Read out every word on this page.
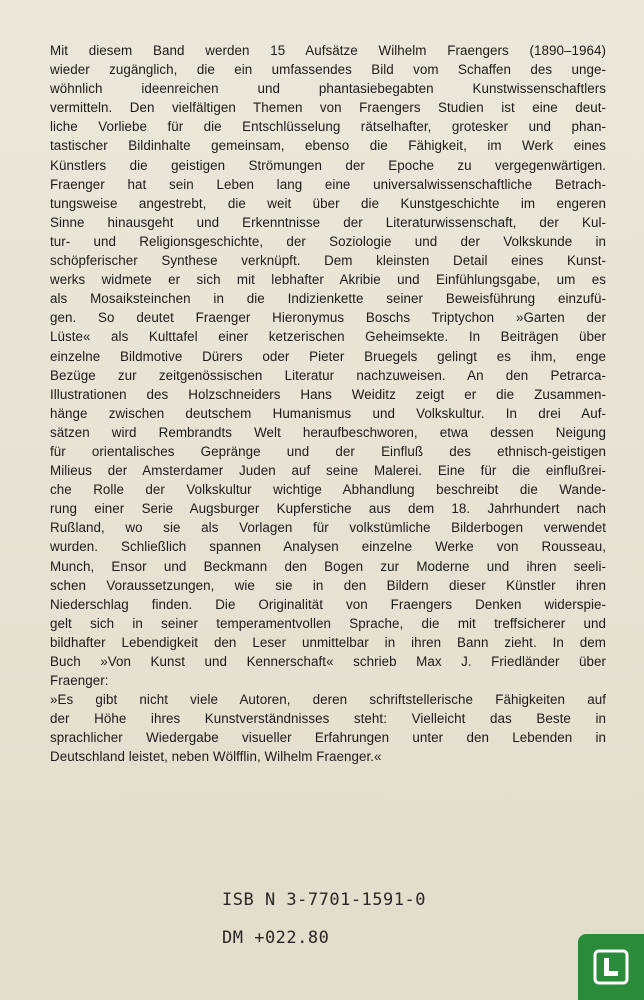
Mit diesem Band werden 15 Aufsätze Wilhelm Fraengers (1890–1964)
wieder zugänglich, die ein umfassendes Bild vom Schaffen des unge-
wöhnlich ideenreichen und phantasiebegabten Kunstwissenschaftlers
vermitteln. Den vielfältigen Themen von Fraengers Studien ist eine deut-
liche Vorliebe für die Entschlüsselung rätselhafter, grotesker und phan-
tastischer Bildinhalte gemeinsam, ebenso die Fähigkeit, im Werk eines
Künstlers die geistigen Strömungen der Epoche zu vergegenwärtigen.
Fraenger hat sein Leben lang eine universalwissenschaftliche Betrach-
tungsweise angestrebt, die weit über die Kunstgeschichte im engeren
Sinne hinausgeht und Erkenntnisse der Literaturwissenschaft, der Kul-
tur- und Religionsgeschichte, der Soziologie und der Volkskunde in
schöpferischer Synthese verknüpft. Dem kleinsten Detail eines Kunst-
werks widmete er sich mit lebhafter Akribie und Einfühlungsgabe, um es
als Mosaiksteinchen in die Indizienkette seiner Beweisführung einzufü-
gen. So deutet Fraenger Hieronymus Boschs Triptychon »Garten der
Lüste« als Kulttafel einer ketzerischen Geheimsekte. In Beiträgen über
einzelne Bildmotive Dürers oder Pieter Bruegels gelingt es ihm, enge
Bezüge zur zeitgenössischen Literatur nachzuweisen. An den Petrarca-
Illustrationen des Holzschneiders Hans Weiditz zeigt er die Zusammen-
hänge zwischen deutschem Humanismus und Volkskultur. In drei Auf-
sätzen wird Rembrandts Welt heraufbeschworen, etwa dessen Neigung
für orientalisches Gepränge und der Einfluß des ethnisch-geistigen
Milieus der Amsterdamer Juden auf seine Malerei. Eine für die einflußrei-
che Rolle der Volkskultur wichtige Abhandlung beschreibt die Wande-
rung einer Serie Augsburger Kupferstiche aus dem 18. Jahrhundert nach
Rußland, wo sie als Vorlagen für volkstümliche Bilderbogen verwendet
wurden. Schließlich spannen Analysen einzelne Werke von Rousseau,
Munch, Ensor und Beckmann den Bogen zur Moderne und ihren seeli-
schen Voraussetzungen, wie sie in den Bildern dieser Künstler ihren
Niederschlag finden. Die Originalität von Fraengers Denken widerspie-
gelt sich in seiner temperamentvollen Sprache, die mit treffsicherer und
bildhafter Lebendigkeit den Leser unmittelbar in ihren Bann zieht. In dem
Buch »Von Kunst und Kennerschaft« schrieb Max J. Friedländer über
Fraenger:
»Es gibt nicht viele Autoren, deren schriftstellerische Fähigkeiten auf
der Höhe ihres Kunstverständnisses steht: Vielleicht das Beste in
sprachlicher Wiedergabe visueller Erfahrungen unter den Lebenden in
Deutschland leistet, neben Wölfflin, Wilhelm Fraenger.«
ISB N 3-7701-1591-0
DM +022.80
